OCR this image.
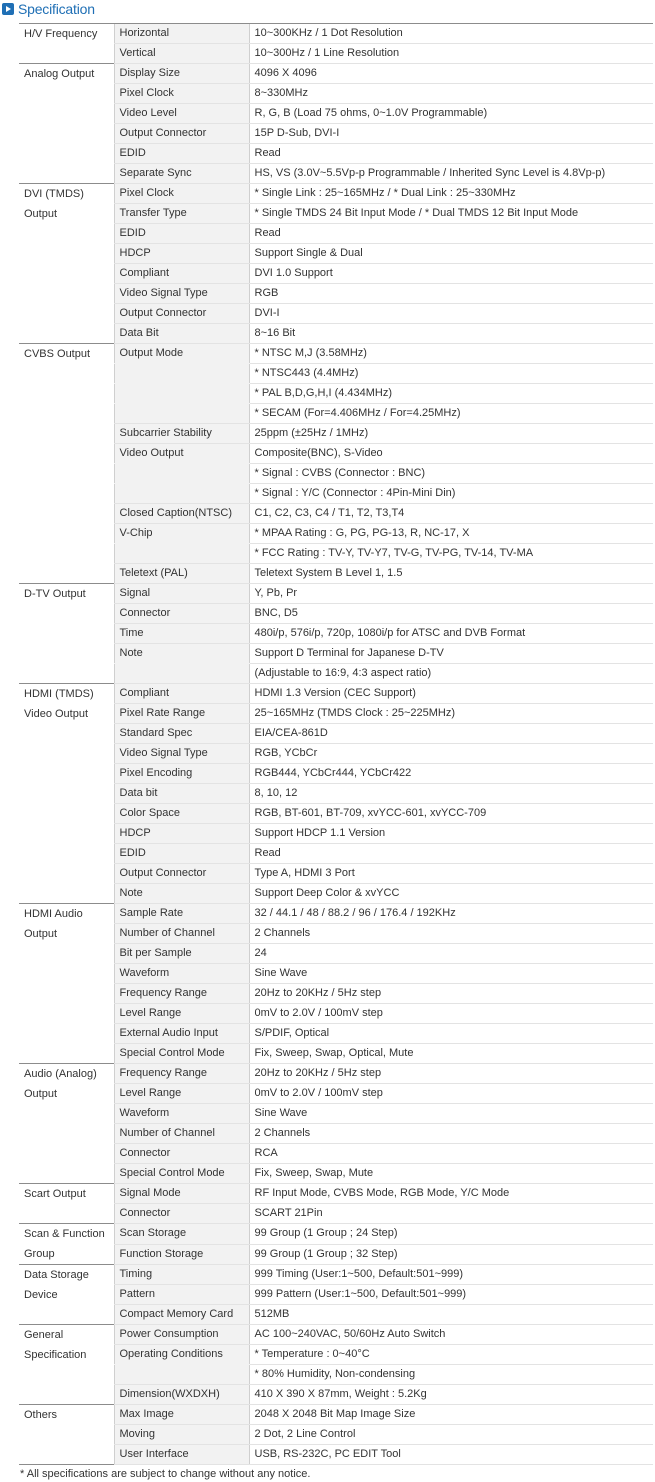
Specification
H/V Frequency	Horizontal	10~300KHz / 1 Dot Resolution
	Vertical	10~300Hz / 1 Line Resolution

Analog Output	Display Size	4096 X 4096
	Pixel Clock	8~330MHz
	Video Level	R, G, B (Load 75 ohms, 0~1.0V Programmable)
	Output Connector	15P D-Sub, DVI-I
	EDID	Read
	Separate Sync	HS, VS (3.0V~5.5Vp-p Programmable / Inherited Sync Level is 4.8Vp-p)

DVI (TMDS)
Output	Pixel Clock	* Single Link : 25~165MHz / * Dual Link : 25~330MHz
	Transfer Type	* Single TMDS 24 Bit Input Mode / * Dual TMDS 12 Bit Input Mode
	EDID	Read
	HDCP	Support Single & Dual
	Compliant	DVI 1.0 Support
	Video Signal Type	RGB
	Output Connector	DVI-I
	Data Bit	8~16 Bit

CVBS Output	Output Mode	* NTSC M,J (3.58MHz)
		* NTSC443 (4.4MHz)
		* PAL B,D,G,H,I (4.434MHz)
		* SECAM (For=4.406MHz / For=4.25MHz)
	Subcarrier Stability	25ppm (±25Hz / 1MHz)
	Video Output	Composite(BNC), S-Video
		* Signal : CVBS (Connector : BNC)
		* Signal : Y/C (Connector : 4Pin-Mini Din)
	Closed Caption(NTSC)	C1, C2, C3, C4 / T1, T2, T3,T4
	V-Chip	* MPAA Rating : G, PG, PG-13, R, NC-17, X
		* FCC Rating : TV-Y, TV-Y7, TV-G, TV-PG, TV-14, TV-MA
	Teletext (PAL)	Teletext System B Level 1, 1.5

D-TV Output	Signal	Y, Pb, Pr
	Connector	BNC, D5
	Time	480i/p, 576i/p, 720p, 1080i/p for ATSC and DVB Format
	Note	Support D Terminal for Japanese D-TV
		(Adjustable to 16:9, 4:3 aspect ratio)

HDMI (TMDS)
Video Output	Compliant	HDMI 1.3 Version (CEC Support)
	Pixel Rate Range	25~165MHz (TMDS Clock : 25~225MHz)
	Standard Spec	EIA/CEA-861D
	Video Signal Type	RGB, YCbCr
	Pixel Encoding	RGB444, YCbCr444, YCbCr422
	Data bit	8, 10, 12
	Color Space	RGB, BT-601, BT-709, xvYCC-601, xvYCC-709
	HDCP	Support HDCP 1.1 Version
	EDID	Read
	Output Connector	Type A, HDMI 3 Port
	Note	Support Deep Color & xvYCC

HDMI Audio
Output	Sample Rate	32 / 44.1 / 48 / 88.2 / 96 / 176.4 / 192KHz
	Number of Channel	2 Channels
	Bit per Sample	24
	Waveform	Sine Wave
	Frequency Range	20Hz to 20KHz / 5Hz step
	Level Range	0mV to 2.0V / 100mV step
	External Audio Input	S/PDIF, Optical
	Special Control Mode	Fix, Sweep, Swap, Optical, Mute

Audio (Analog)
Output	Frequency Range	20Hz to 20KHz / 5Hz step
	Level Range	0mV to 2.0V / 100mV step
	Waveform	Sine Wave
	Number of Channel	2 Channels
	Connector	RCA
	Special Control Mode	Fix, Sweep, Swap, Mute

Scart Output	Signal Mode	RF Input Mode, CVBS Mode, RGB Mode, Y/C Mode
	Connector	SCART 21Pin

Scan & Function
Group	Scan Storage	99 Group (1 Group ; 24 Step)
	Function Storage	99 Group (1 Group ; 32 Step)

Data Storage
Device	Timing	999 Timing (User:1~500, Default:501~999)
	Pattern	999 Pattern (User:1~500, Default:501~999)
	Compact Memory Card	512MB

General
Specification	Power Consumption	AC 100~240VAC, 50/60Hz Auto Switch
	Operating Conditions	* Temperature : 0~40°C
		* 80% Humidity, Non-condensing
	Dimension(WXDXH)	410 X 390 X 87mm, Weight : 5.2Kg

Others	Max Image	2048 X 2048 Bit Map Image Size
	Moving	2 Dot, 2 Line Control
	User Interface	USB, RS-232C, PC EDIT Tool
* All specifications are subject to change without any notice.
